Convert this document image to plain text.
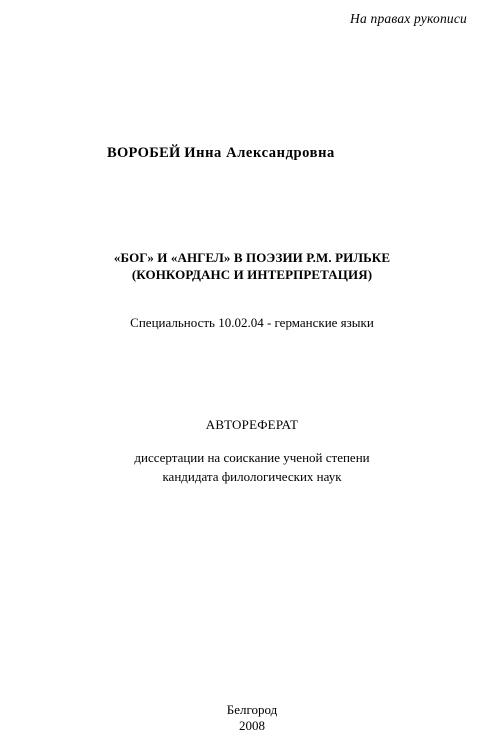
На правах рукописи
ВОРОБЕЙ Инна Александровна
«БОГ» И «АНГЕЛ» В ПОЭЗИИ Р.М. РИЛЬКЕ
(КОНКОРДАНС И ИНТЕРПРЕТАЦИЯ)
Специальность 10.02.04 - германские языки
АВТОРЕФЕРАТ
диссертации на соискание ученой степени
кандидата филологических наук
Белгород
2008
